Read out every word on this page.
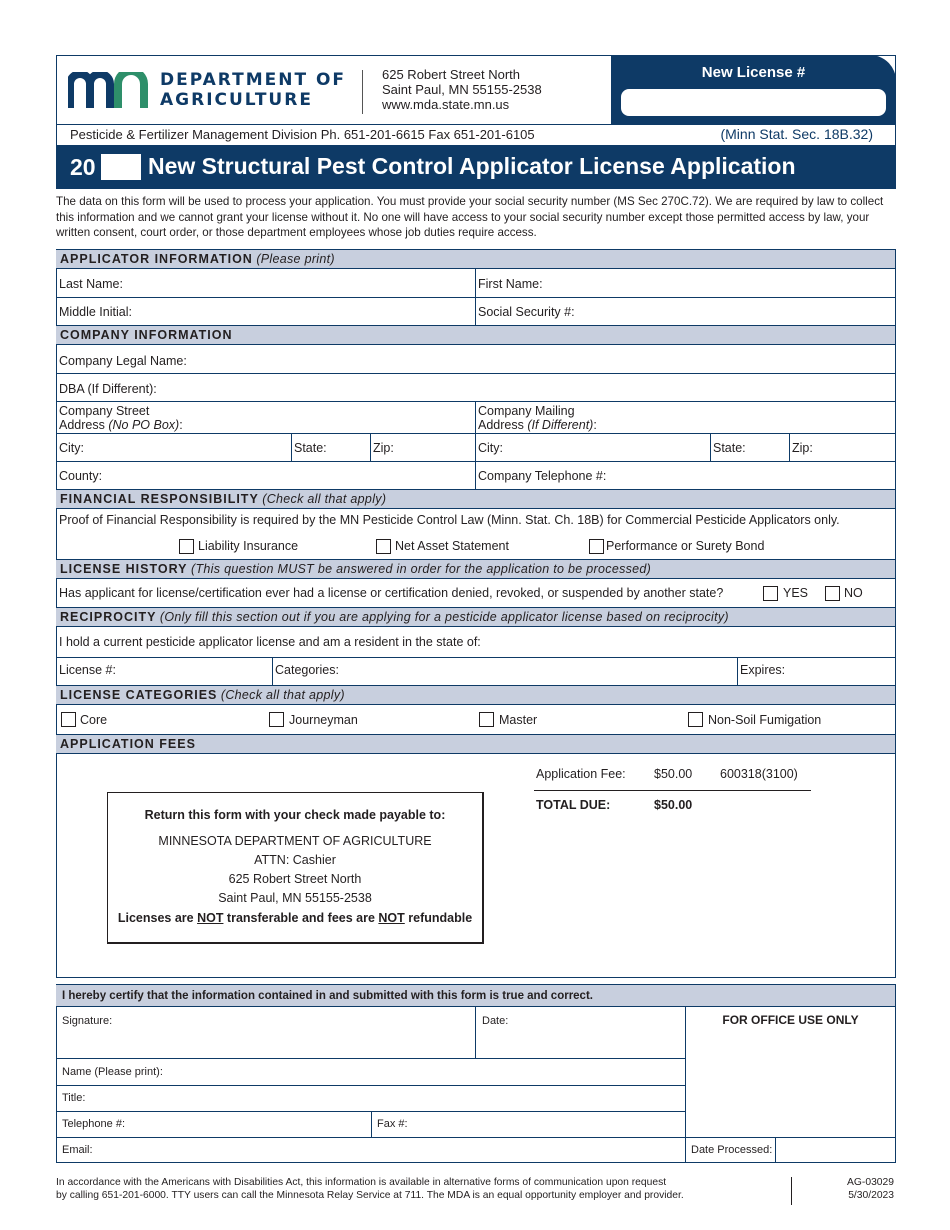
DEPARTMENT OF
AGRICULTURE
625 Robert Street North
Saint Paul, MN 55155-2538
www.mda.state.mn.us
New License #
Pesticide & Fertilizer Management Division Ph. 651-201-6615 Fax 651-201-6105	(Minn Stat. Sec. 18B.32)
20 New Structural Pest Control Applicator License Application
The data on this form will be used to process your application. You must provide your social security number (MS Sec 270C.72). We are required by law to collect this information and we cannot grant your license without it. No one will have access to your social security number except those permitted access by law, your written consent, court order, or those department employees whose job duties require access.
APPLICATOR INFORMATION (Please print)
Last Name:	First Name:
Middle Initial:	Social Security #:
COMPANY INFORMATION
Company Legal Name:
DBA (If Different):
Company Street
Address (No PO Box):
Company Mailing
Address (If Different):
City:	State:	Zip:	City:	State:	Zip:
County:	Company Telephone #:
FINANCIAL RESPONSIBILITY (Check all that apply)
Proof of Financial Responsibility is required by the MN Pesticide Control Law (Minn. Stat. Ch. 18B) for Commercial Pesticide Applicators only.
Liability Insurance	Net Asset Statement	Performance or Surety Bond
LICENSE HISTORY (This question MUST be answered in order for the application to be processed)
Has applicant for license/certification ever had a license or certification denied, revoked, or suspended by another state?	YES	NO
RECIPROCITY (Only fill this section out if you are applying for a pesticide applicator license based on reciprocity)
I hold a current pesticide applicator license and am a resident in the state of:
License #:	Categories:	Expires:
LICENSE CATEGORIES (Check all that apply)
Core	Journeyman	Master	Non-Soil Fumigation
APPLICATION FEES
Application Fee: $50.00 600318(3100)
TOTAL DUE:	$50.00
Return this form with your check made payable to:
MINNESOTA DEPARTMENT OF AGRICULTURE
ATTN: Cashier
625 Robert Street North
Saint Paul, MN 55155-2538
Licenses are NOT transferable and fees are NOT refundable
I hereby certify that the information contained in and submitted with this form is true and correct.
Signature:	Date:	FOR OFFICE USE ONLY
Name (Please print):
Title:
Telephone #:	Fax #:
Email:	Date Processed:
In accordance with the Americans with Disabilities Act, this information is available in alternative forms of communication upon request
by calling 651-201-6000. TTY users can call the Minnesota Relay Service at 711. The MDA is an equal opportunity employer and provider.
AG-03029
5/30/2023
